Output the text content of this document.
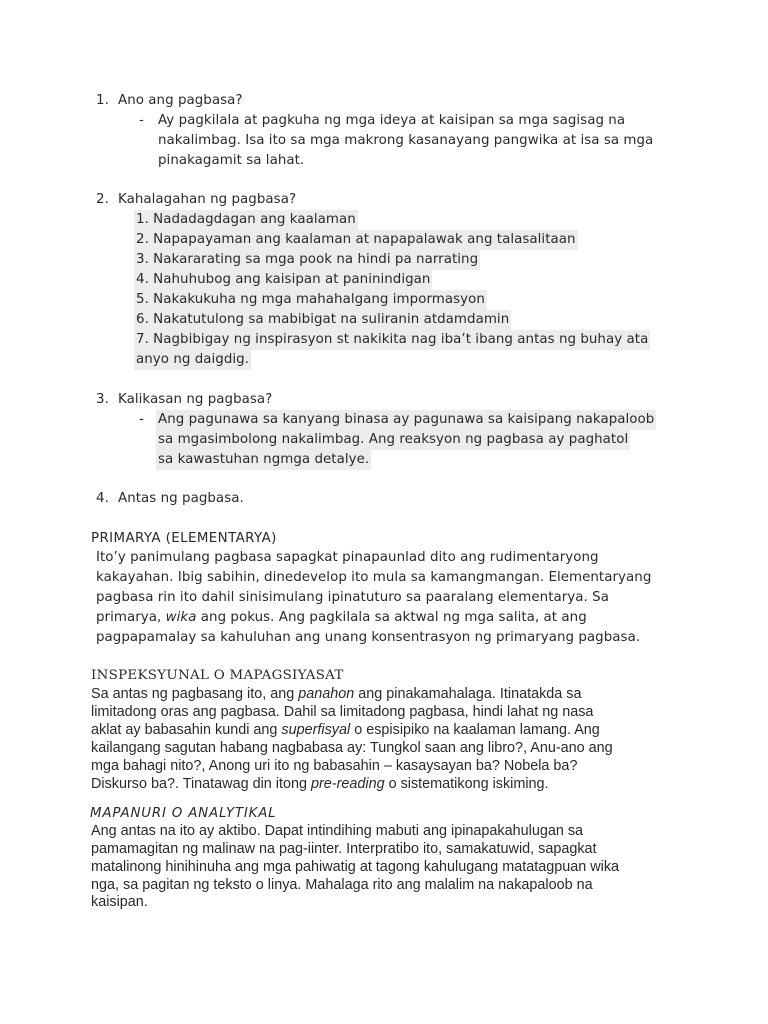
1. Ano ang pagbasa?
- Ay pagkilala at pagkuha ng mga ideya at kaisipan sa mga sagisag na
nakalimbag. Isa ito sa mga makrong kasanayang pangwika at isa sa mga
pinakagamit sa lahat.
2. Kahalagahan ng pagbasa?
1. Nadadagdagan ang kaalaman
2. Napapayaman ang kaalaman at napapalawak ang talasalitaan
3. Nakararating sa mga pook na hindi pa narrating
4. Nahuhubog ang kaisipan at paninindigan
5. Nakakukuha ng mga mahahalgang impormasyon
6. Nakatutulong sa mabibigat na suliranin atdamdamin
7. Nagbibigay ng inspirasyon st nakikita nag iba’t ibang antas ng buhay ata
anyo ng daigdig.
3. Kalikasan ng pagbasa?
- Ang pagunawa sa kanyang binasa ay pagunawa sa kaisipang nakapaloob
sa mgasimbolong nakalimbag. Ang reaksyon ng pagbasa ay paghatol
sa kawastuhan ngmga detalye.
4. Antas ng pagbasa.
PRIMARYA (ELEMENTARYA)
Ito’y panimulang pagbasa sapagkat pinapaunlad dito ang rudimentaryong
kakayahan. Ibig sabihin, dinedevelop ito mula sa kamangmangan. Elementaryang
pagbasa rin ito dahil sinisimulang ipinatuturo sa paaralang elementarya. Sa
primarya, wika ang pokus. Ang pagkilala sa aktwal ng mga salita, at ang
pagpapamalay sa kahuluhan ang unang konsentrasyon ng primaryang pagbasa.
INSPEKSYUNAL O MAPAGSIYASAT
Sa antas ng pagbasang ito, ang panahon ang pinakamahalaga. Itinatakda sa
limitadong oras ang pagbasa. Dahil sa limitadong pagbasa, hindi lahat ng nasa
aklat ay babasahin kundi ang superfisyal o espisipiko na kaalaman lamang. Ang
kailangang sagutan habang nagbabasa ay: Tungkol saan ang libro?, Anu-ano ang
mga bahagi nito?, Anong uri ito ng babasahin – kasaysayan ba? Nobela ba?
Diskurso ba?. Tinatawag din itong pre-reading o sistematikong iskiming.
MAPANURI O ANALYTIKAL
Ang antas na ito ay aktibo. Dapat intindihing mabuti ang ipinapakahulugan sa
pamamagitan ng malinaw na pag-iinter. Interpratibo ito, samakatuwid, sapagkat
matalinong hinihinuha ang mga pahiwatig at tagong kahulugang matatagpuan wika
nga, sa pagitan ng teksto o linya. Mahalaga rito ang malalim na nakapaloob na
kaisipan.
